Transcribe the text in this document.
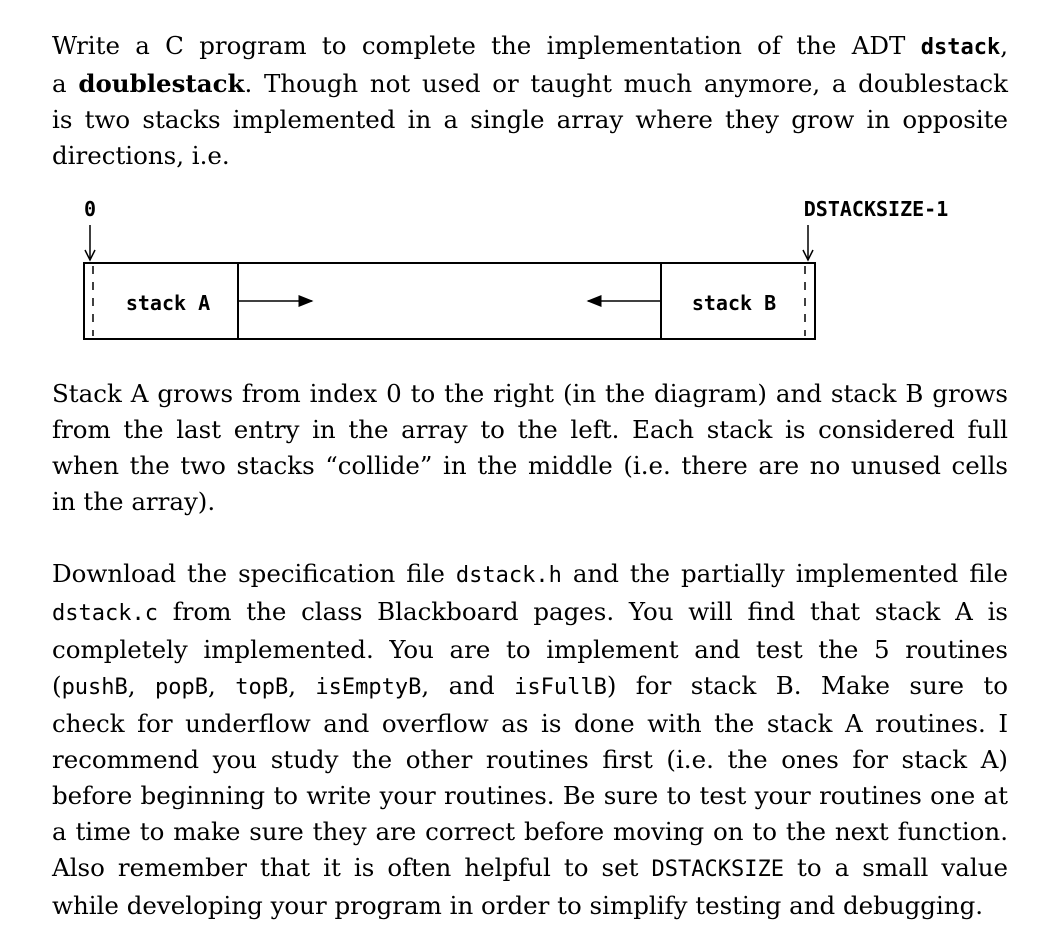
Write a C program to complete the implementation of the ADT dstack,
a doublestack. Though not used or taught much anymore, a doublestack
is two stacks implemented in a single array where they grow in opposite
directions, i.e.

Stack A grows from index 0 to the right (in the diagram) and stack B grows
from the last entry in the array to the left. Each stack is considered full
when the two stacks “collide” in the middle (i.e. there are no unused cells
in the array).

Download the specification file dstack.h and the partially implemented file
dstack.c from the class Blackboard pages. You will find that stack A is
completely implemented. You are to implement and test the 5 routines
(pushB, popB, topB, isEmptyB, and isFullB) for stack B. Make sure to
check for underflow and overflow as is done with the stack A routines. I
recommend you study the other routines first (i.e. the ones for stack A)
before beginning to write your routines. Be sure to test your routines one at
a time to make sure they are correct before moving on to the next function.
Also remember that it is often helpful to set DSTACKSIZE to a small value
while developing your program in order to simplify testing and debugging.

0	DSTACKSIZE-1
stack A	stack B
